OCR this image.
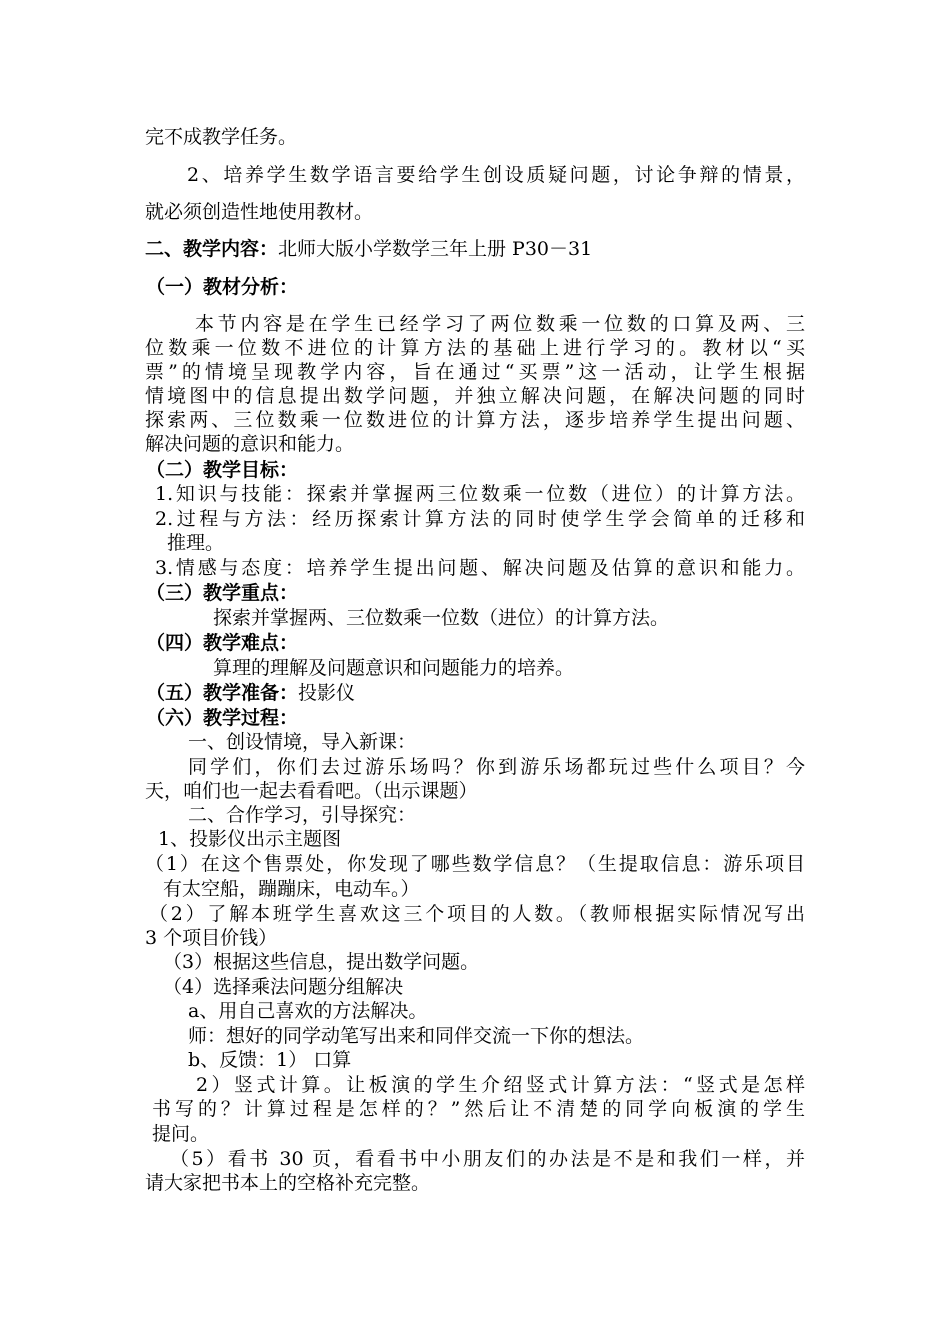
完不成教学任务。
2、培养学生数学语言要给学生创设质疑问题，讨论争辩的情景，
就必须创造性地使用教材。
二、教学内容：北师大版小学数学三年上册 P30－31
（一）教材分析：
本节内容是在学生已经学习了两位数乘一位数的口算及两、三
位数乘一位数不进位的计算方法的基础上进行学习的。教材以“买
票”的情境呈现教学内容，旨在通过“买票”这一活动，让学生根据
情境图中的信息提出数学问题，并独立解决问题，在解决问题的同时
探索两、三位数乘一位数进位的计算方法，逐步培养学生提出问题、
解决问题的意识和能力。
（二）教学目标：
1.知识与技能：探索并掌握两三位数乘一位数（进位）的计算方法。
2.过程与方法：经历探索计算方法的同时使学生学会简单的迁移和
推理。
3.情感与态度：培养学生提出问题、解决问题及估算的意识和能力。
（三）教学重点：
探索并掌握两、三位数乘一位数（进位）的计算方法。
（四）教学难点：
算理的理解及问题意识和问题能力的培养。
（五）教学准备：投影仪
（六）教学过程：
一、创设情境，导入新课：
同学们，你们去过游乐场吗？你到游乐场都玩过些什么项目？今
天，咱们也一起去看看吧。（出示课题）
二、合作学习，引导探究：
1、投影仪出示主题图
（1）在这个售票处，你发现了哪些数学信息？（生提取信息：游乐项目
有太空船，蹦蹦床，电动车。）
（2）了解本班学生喜欢这三个项目的人数。（教师根据实际情况写出
3 个项目价钱）
（3）根据这些信息，提出数学问题。
（4）选择乘法问题分组解决
a、用自己喜欢的方法解决。
师：想好的同学动笔写出来和同伴交流一下你的想法。
b、反馈：1） 口算
2）竖式计算。让板演的学生介绍竖式计算方法：“竖式是怎样
书写的？计算过程是怎样的？”然后让不清楚的同学向板演的学生
提问。
（5）看书 30 页，看看书中小朋友们的办法是不是和我们一样，并
请大家把书本上的空格补充完整。
